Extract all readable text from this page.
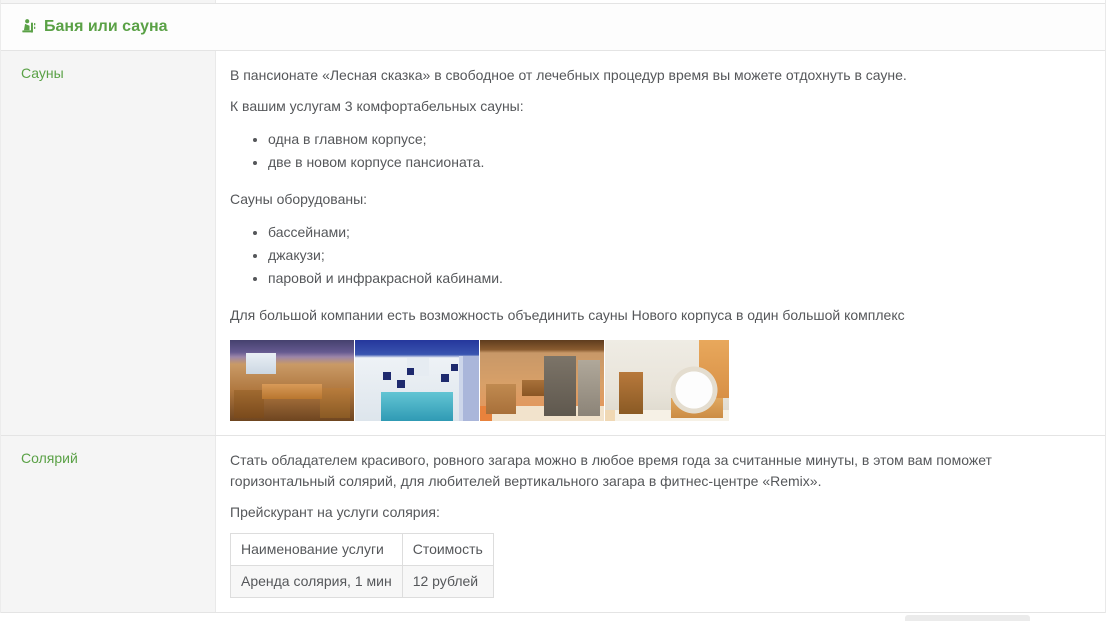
Баня или сауна
Сауны	В пансионате «Лесная сказка» в свободное от лечебных процедур время вы можете отдохнуть в сауне.

К вашим услугам 3 комфортабельных сауны:

• одна в главном корпусе;
• две в новом корпусе пансионата.

Сауны оборудованы:

• бассейнами;
• джакузи;
• паровой и инфракрасной кабинами.

Для большой компании есть возможность объединить сауны Нового корпуса в один большой комплекс

Солярий	Стать обладателем красивого, ровного загара можно в любое время года за считанные минуты, в этом вам поможет горизонтальный солярий, для любителей вертикального загара в фитнес-центре «Remix».

Прейскурант на услуги солярия:

Наименование услуги	Стоимость
Аренда солярия, 1 мин	12 рублей
